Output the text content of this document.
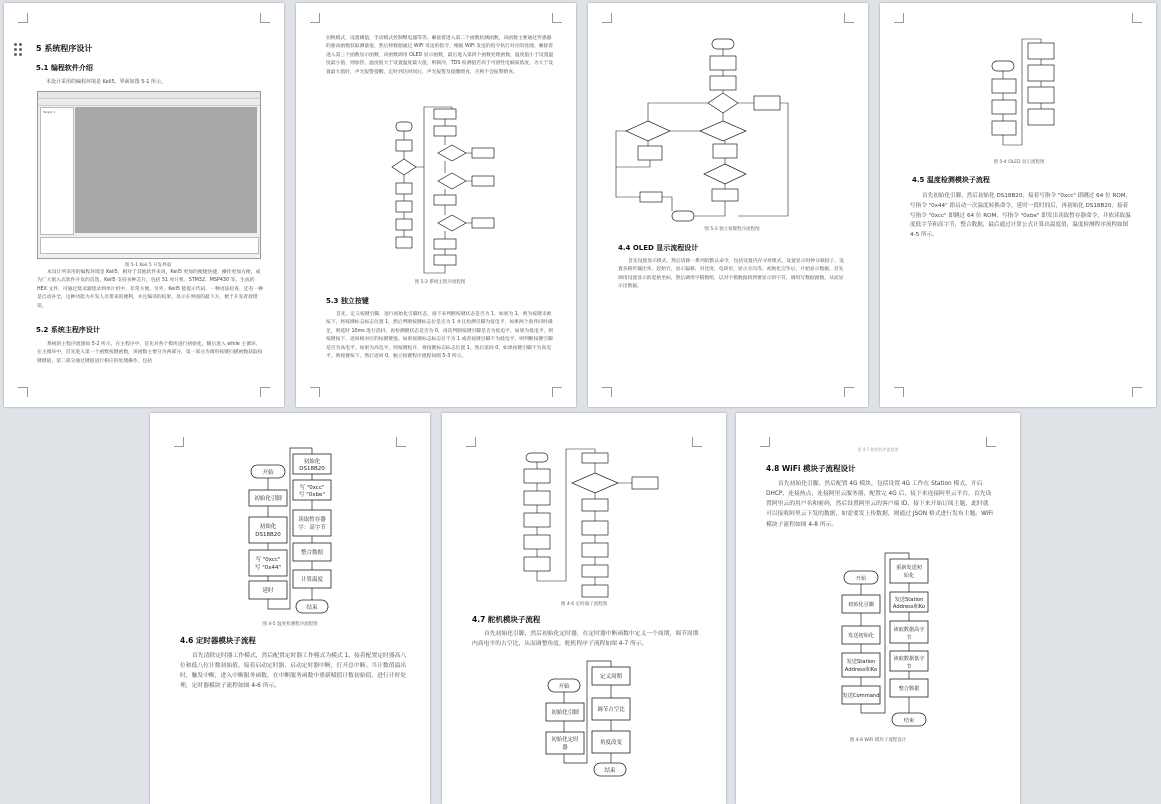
5 系统程序设计
5.1 编程软件介绍
本设计采用的编程环境是 Keil5，界面如图 5-1 所示。
Target 1
图 5-1 Keil 5 开发界面
本设计所采用的编程环境是 Keil5，相对于其他软件来说，Keil5 更加的便捷快捷，操作更加方便，成为广大嵌入式软件开发的首选，Keil5 支持多种芯片，包括 51 单片机、STM32、MSP430 等。生成的 HEX 文件，可通过烧录器烧录到单片机中，非常方便。另外，Keil5 能提示代码、一种语法检查、还有一种是自动补全，这种功能为开发人员带来的便利，并且编译的结果，显示在界面的最下方，便于开发者找错误。
5.2 系统主程序设计
系统的主程序流图如 5-2 所示，在主程序中，首先对各个模块进行初始化，随后进入 while 主循环，在主循环中，首先进入第一个函数按键函数，该函数主要分为两部分，第一部分为调用按键扫描函数获取按键键值，第二部分通过键值进行相应的处理操作，包括
切换模式，设置阈值，手动模式控制继电器等等。紧接着进入第二个函数检测函数，该函数主要通过传感器的驱动函数获取测量值，然后将数据通过 WiFi 发送的指令，根据 WiFi 发送的指令执行对应的处理。紧接着进入第三个函数显示函数，该函数调用 OLED 显示函数，最后进入第四个函数处理函数，温度值小于设置温度最小值，则加热，温度值大于设置温度最大值，则制冷，TDS 检测值若高于可溶性电解质浓度，为大于设置最大值时，声光报警提醒，定时到达时间后，声光报警及提醒喂食，否则不会报警喂食。
图 5-2 系统主程序流程图
5.3 独立按键
首先，定义按键引脚，进行初始化引脚状态，接下来判断按键状态是否为 1，如果为 1，则为按键未被按下，将按键标志标志位置 1，然后判断按键标志位是否为 1 并且检测引脚为低电平，如果两个条件同时满足，则延时 10ms 进行消抖，再检测键状态是否为 0，再次判断按键引脚是否为低电平，如果为低电平，则按键按下，返回相对应的按键键值。如果按键标志标志位不为 1 或者按键引脚不为低电平，则判断按键引脚是否为高电平，如果为高电平，则按键松开，将按键标志标志位置 1，然后返回 0，如果按键引脚不为高电平，则按键按下，然后返回 0，独立按键程序流程如图 5-3 所示。
图 5-3 独立按键程序流程图
4.4 OLED 显示流程设计
首先设置显示模式，然后清除一系列的默认命令，包括设置内存寻址模式，设置显示时钟分频因子，设置多路传输比率，起始行，显示偏移，对比度，电荷泵，显示方向等。初始化完毕后，开始显示数据，首先调用设置显示的起始坐标，然后调用字模数组，以对字模数据找到要显示的字符，调用写数据函数，从而显示出数据。
图 5-4 OLED 显示流程图
4.5 温度检测模块子流程
首先初始化引脚，然后初始化 DS18B20，接着写指令 "0xcc" 即跳过 64 位 ROM，写指令 "0x44" 即启动一次温度转换命令，延时一段时间后，再初始化 DS18B20，接着写指令 "0xcc" 即跳过 64 位 ROM，写指令 "0xbe" 即发出读取暂存器命令，并依读取温度低字节和高字节，整合数据，最后通过计算公式计算出温度值，温度检测程序流程如图 4-5 所示。
开始
初始化引脚
初始化
DS18B20
写 "0xcc"
写 "0x44"
延时
初始化
DS18B20
写 "0xcc"
写 "0xbe"
读取暂存器
字：高字节
整合数据
计算温度
结束
图 4-5 温度检测程序流程图
4.6 定时器模块子流程
首先清除定时器工作模式，然后配置定时器工作模式为模式 1，接着配置定时器高八位和低八位计数初始值，接着启动定时器，启动定时器中断，打开总中断。当计数值溢出时，触发中断，进入中断服务函数，在中断服务函数中重新赋值计数初始值，进行计时处理，定时器模块子流程如图 4-6 所示。
图 4-6 定时器子流程图
4.7 舵机模块子流程
首先初始化引脚，然后初始化定时器，在定时器中断函数中定义一个周期，调节周期内高电平的占空比，从而调整角度，舵机程序子流程如图 4-7 所示。
开始
初始化引脚
初始化定时
器
定义周期
调节占空比
角度改变
结束
图 4-7 舵机程序流程图
4.8 WiFi 模块子流程设计
首先初始化引脚，然后配置 4G 模块，包括设置 4G 工作在 Station 模式，开启 DHCP、连接热点、连接阿里云服务器，配置完 4G 后，接下来连接阿里云平台，首先设置阿里云的用户名和密码，然后设置阿里云的客户端 ID，接下来开始订阅主题，此时就可以接收阿里云下发的数据，如需要发上传数据，则通过 JSON 格式进行发布主题。WiFi 模块子流程如图 4-8 所示。
开始
初始化引脚
发送初始化
发送Station
Address和Ko
发送Command
重新发送初
始化
发送Station
Address和Ko
读取数据高字
节
读取数据低字
节
整合数据
结束
图 4-8 WiFi 模块子流程设计
